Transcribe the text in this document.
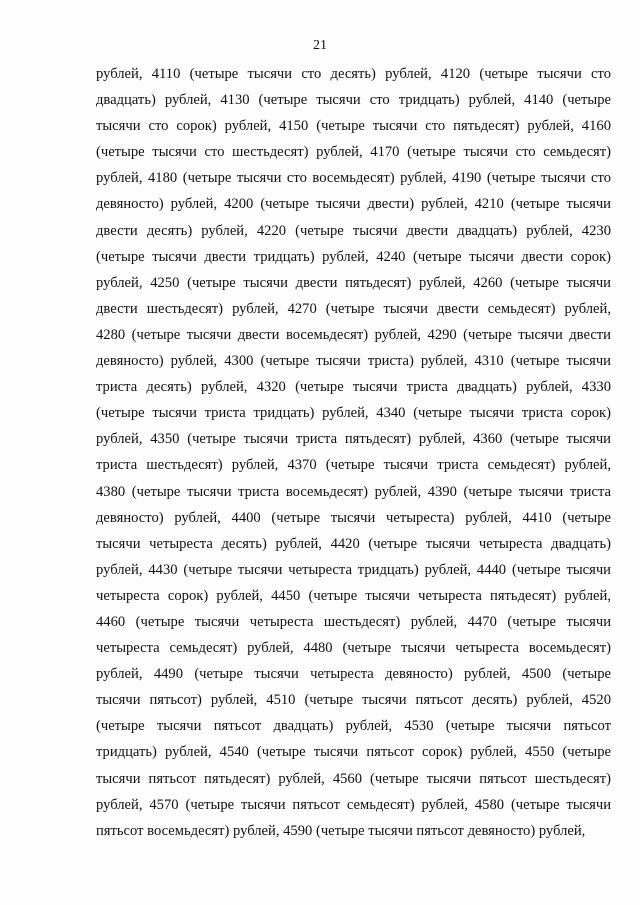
21
рублей, 4110 (четыре тысячи сто десять) рублей, 4120 (четыре тысячи сто
двадцать) рублей, 4130 (четыре тысячи сто тридцать) рублей, 4140 (четыре
тысячи сто сорок) рублей, 4150 (четыре тысячи сто пятьдесят) рублей, 4160
(четыре тысячи сто шестьдесят) рублей, 4170 (четыре тысячи сто семьдесят)
рублей, 4180 (четыре тысячи сто восемьдесят) рублей, 4190 (четыре тысячи сто
девяносто) рублей, 4200 (четыре тысячи двести) рублей, 4210 (четыре тысячи
двести десять) рублей, 4220 (четыре тысячи двести двадцать) рублей, 4230
(четыре тысячи двести тридцать) рублей, 4240 (четыре тысячи двести сорок)
рублей, 4250 (четыре тысячи двести пятьдесят) рублей, 4260 (четыре тысячи
двести шестьдесят) рублей, 4270 (четыре тысячи двести семьдесят) рублей,
4280 (четыре тысячи двести восемьдесят) рублей, 4290 (четыре тысячи двести
девяносто) рублей, 4300 (четыре тысячи триста) рублей, 4310 (четыре тысячи
триста десять) рублей, 4320 (четыре тысячи триста двадцать) рублей, 4330
(четыре тысячи триста тридцать) рублей, 4340 (четыре тысячи триста сорок)
рублей, 4350 (четыре тысячи триста пятьдесят) рублей, 4360 (четыре тысячи
триста шестьдесят) рублей, 4370 (четыре тысячи триста семьдесят) рублей,
4380 (четыре тысячи триста восемьдесят) рублей, 4390 (четыре тысячи триста
девяносто) рублей, 4400 (четыре тысячи четыреста) рублей, 4410 (четыре
тысячи четыреста десять) рублей, 4420 (четыре тысячи четыреста двадцать)
рублей, 4430 (четыре тысячи четыреста тридцать) рублей, 4440 (четыре тысячи
четыреста сорок) рублей, 4450 (четыре тысячи четыреста пятьдесят) рублей,
4460 (четыре тысячи четыреста шестьдесят) рублей, 4470 (четыре тысячи
четыреста семьдесят) рублей, 4480 (четыре тысячи четыреста восемьдесят)
рублей, 4490 (четыре тысячи четыреста девяносто) рублей, 4500 (четыре
тысячи пятьсот) рублей, 4510 (четыре тысячи пятьсот десять) рублей, 4520
(четыре тысячи пятьсот двадцать) рублей, 4530 (четыре тысячи пятьсот
тридцать) рублей, 4540 (четыре тысячи пятьсот сорок) рублей, 4550 (четыре
тысячи пятьсот пятьдесят) рублей, 4560 (четыре тысячи пятьсот шестьдесят)
рублей, 4570 (четыре тысячи пятьсот семьдесят) рублей, 4580 (четыре тысячи
пятьсот восемьдесят) рублей, 4590 (четыре тысячи пятьсот девяносто) рублей,
